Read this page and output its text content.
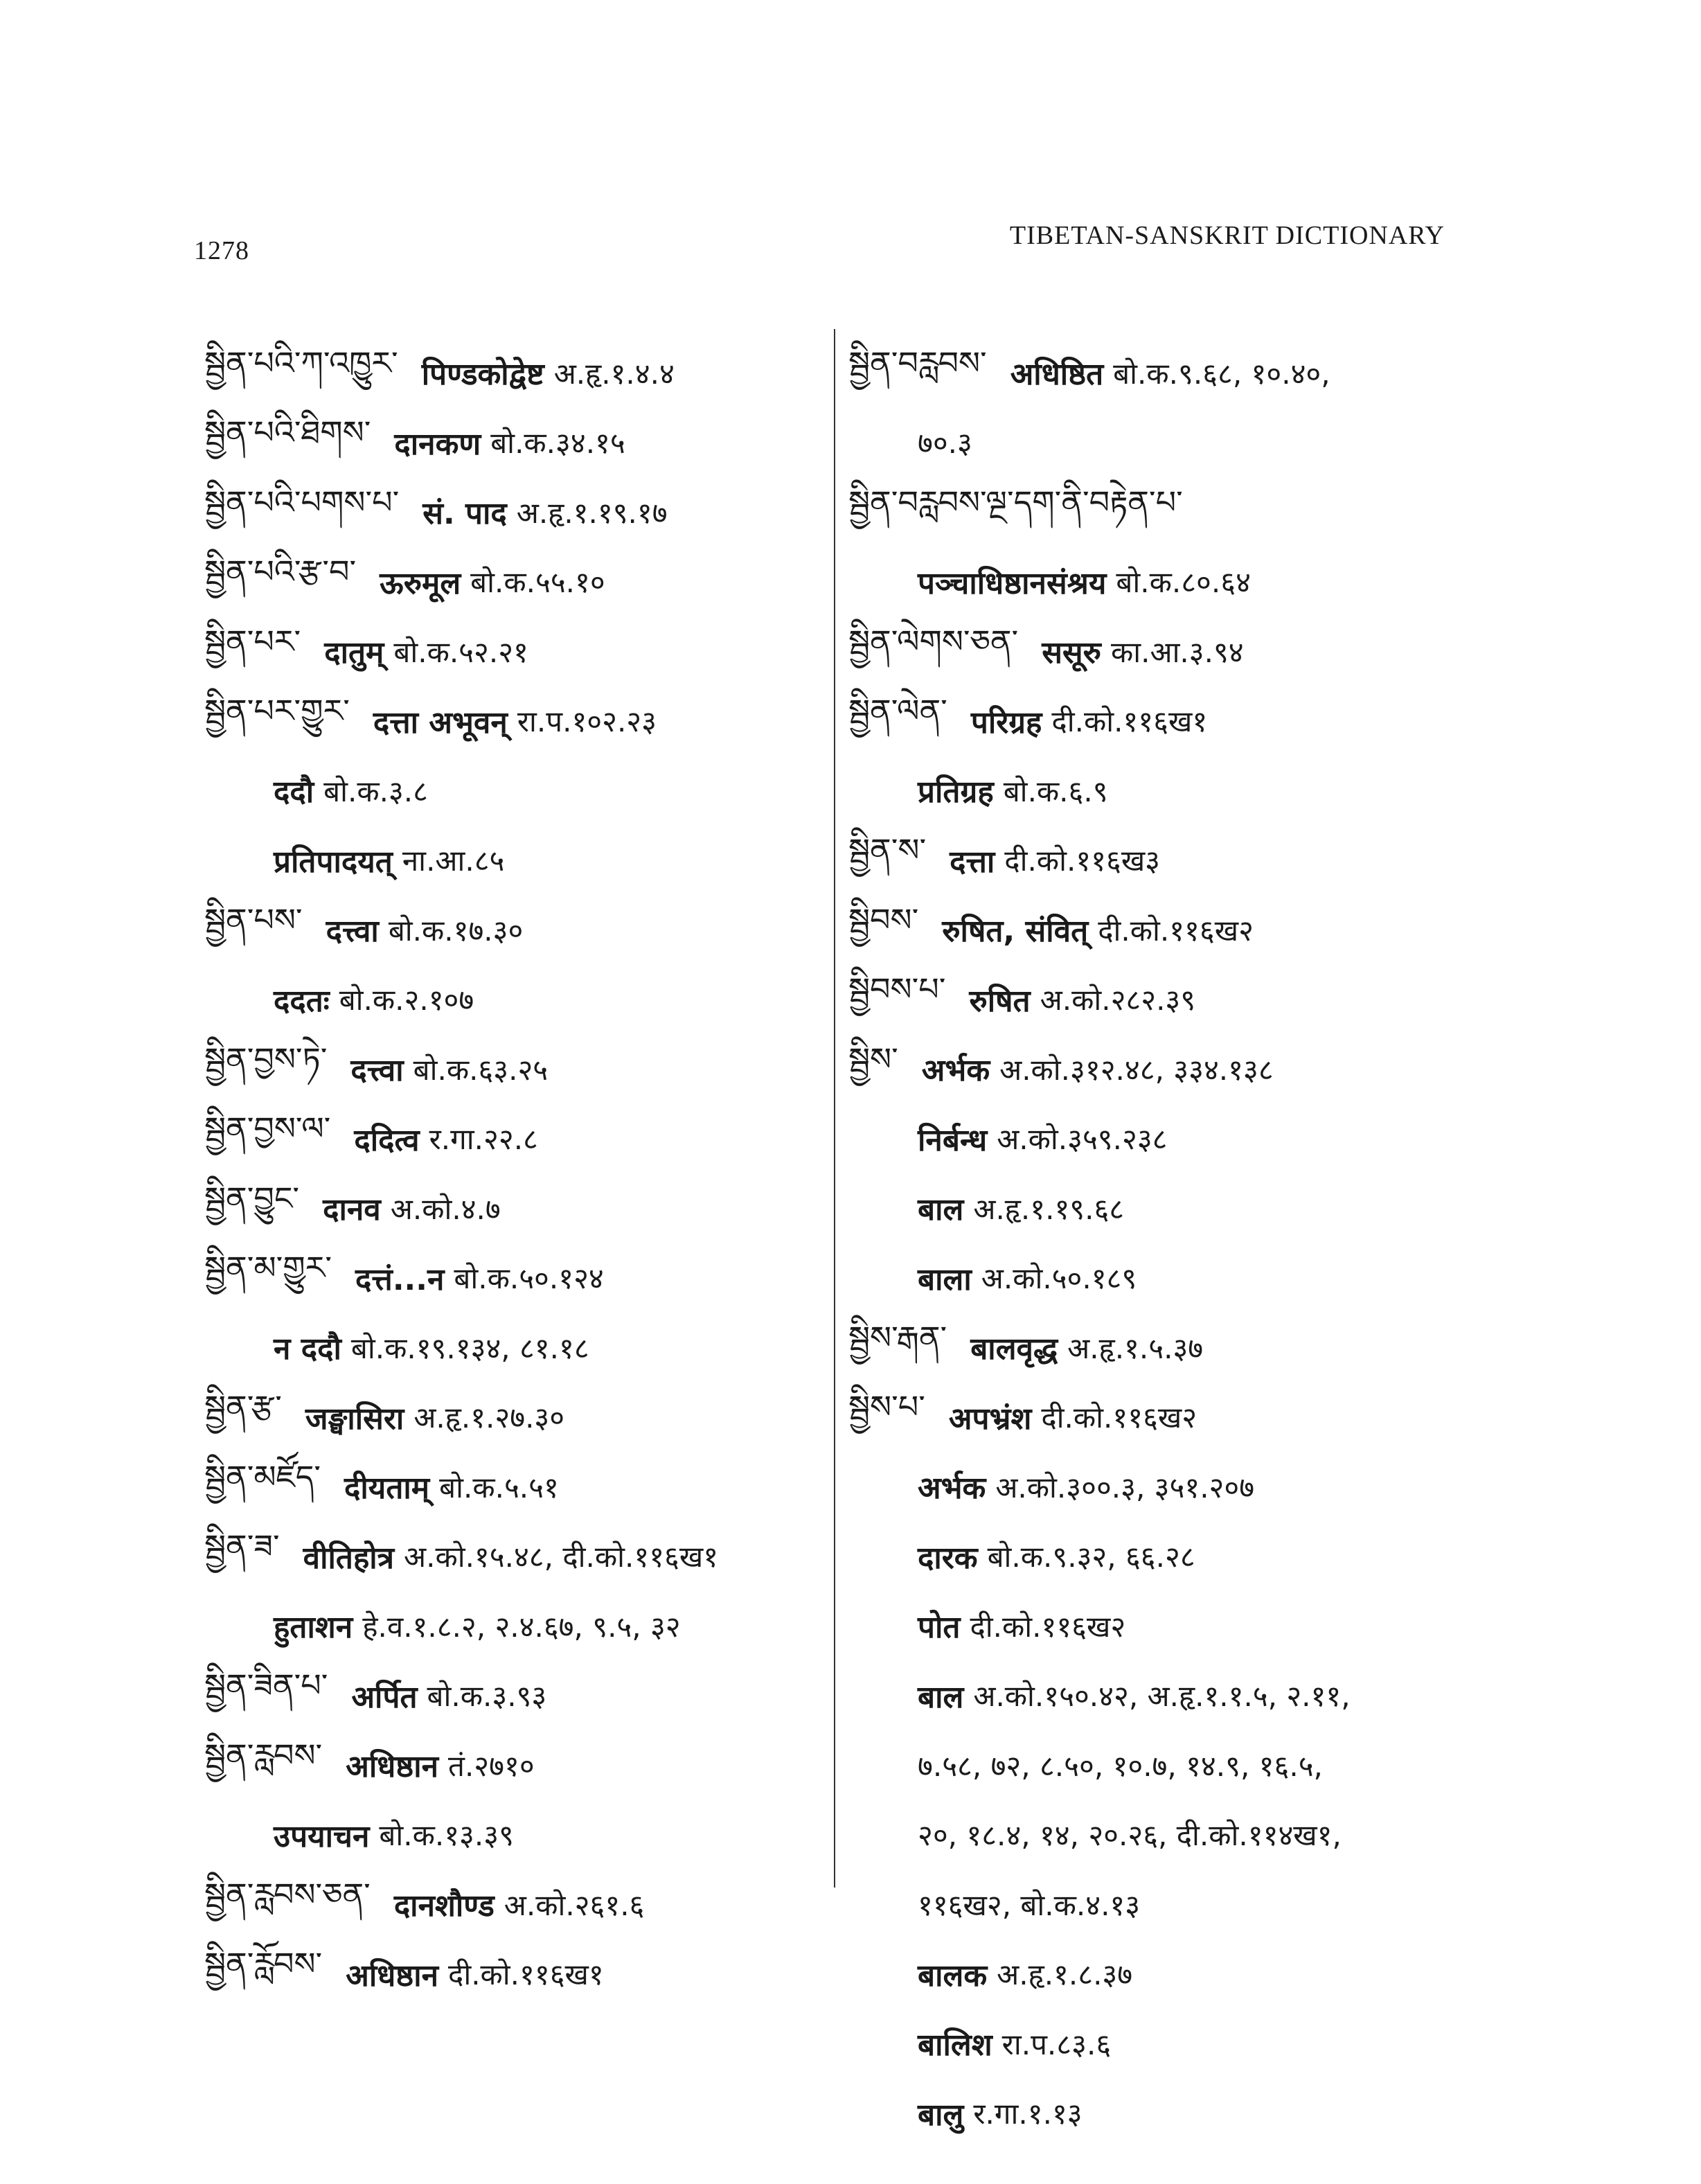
1278
TIBETAN-SANSKRIT DICTIONARY
སྦྱིན་པའི་ཀ་འཁྱུར་ पिण्डकोद्वेष्ट अ.हृ.१.४.४
སྦྱིན་པའི་ཐིགས་ दानकण बो.क.३४.१५
སྦྱིན་པའི་པགས་པ་ सं. पाद अ.हृ.१.१९.१७
སྦྱིན་པའི་རྩ་བ་ ऊरुमूल बो.क.५५.१०
སྦྱིན་པར་ दातुम् बो.क.५२.२१
སྦྱིན་པར་གྱུར་ दत्ता अभूवन् रा.प.१०२.२३
ददौ बो.क.३.८
प्रतिपादयत् ना.आ.८५
སྦྱིན་པས་ दत्त्वा बो.क.१७.३०
ददतः बो.क.२.१०७
སྦྱིན་བྱས་ཏེ་ दत्त्वा बो.क.६३.२५
སྦྱིན་བྱས་ལ་ ददित्व र.गा.२२.८
སྦྱིན་བྱུང་ दानव अ.को.४.७
སྦྱིན་མ་གྱུར་ दत्तं...न बो.क.५०.१२४
न ददौ बो.क.१९.१३४, ८१.१८
སྦྱིན་རྩ་ जङ्घासिरा अ.हृ.१.२७.३०
སྦྱིན་མཛོད་ दीयताम् बो.क.५.५१
སྦྱིན་ཟ་ वीतिहोत्र अ.को.१५.४८, दी.को.११६ख१
हुताशन हे.व.१.८.२, २.४.६७, ९.५, ३२
སྦྱིན་ཟིན་པ་ अर्पित बो.क.३.९३
སྦྱིན་རླབས་ अधिष्ठान तं.२७१०
उपयाचन बो.क.१३.३९
སྦྱིན་རླབས་ཅན་ दानशौण्ड अ.को.२६१.६
སྦྱིན་རློབས་ अधिष्ठान दी.को.११६ख१
སྦྱིན་བརླབས་ अधिष्ठित बो.क.९.६८, १०.४०,
७०.३
སྦྱིན་བརླབས་ལྔ་དག་ནི་བརྟེན་པ་
पञ्चाधिष्ठानसंश्रय बो.क.८०.६४
སྦྱིན་ལེགས་ཅན་ ससूरु का.आ.३.९४
སྦྱིན་ལེན་ परिग्रह दी.को.११६ख१
प्रतिग्रह बो.क.६.९
སྦྱིན་ས་ दत्ता दी.को.११६ख३
སྦྱིབས་ रुषित, संवित् दी.को.११६ख२
སྦྱིབས་པ་ रुषित अ.को.२८२.३९
སྦྱིས་ अर्भक अ.को.३१२.४८, ३३४.१३८
निर्बन्ध अ.को.३५९.२३८
बाल अ.हृ.१.१९.६८
बाला अ.को.५०.१८९
སྦྱིས་རྒན་ बालवृद्ध अ.हृ.१.५.३७
སྦྱིས་པ་ अपभ्रंश दी.को.११६ख२
अर्भक अ.को.३००.३, ३५१.२०७
दारक बो.क.९.३२, ६६.२८
पोत दी.को.११६ख२
बाल अ.को.१५०.४२, अ.हृ.१.१.५, २.११,
७.५८, ७२, ८.५०, १०.७, १४.९, १६.५,
२०, १८.४, १४, २०.२६, दी.को.११४ख१,
११६ख२, बो.क.४.१३
बालक अ.हृ.१.८.३७
बालिश रा.प.८३.६
बालु र.गा.१.१३
